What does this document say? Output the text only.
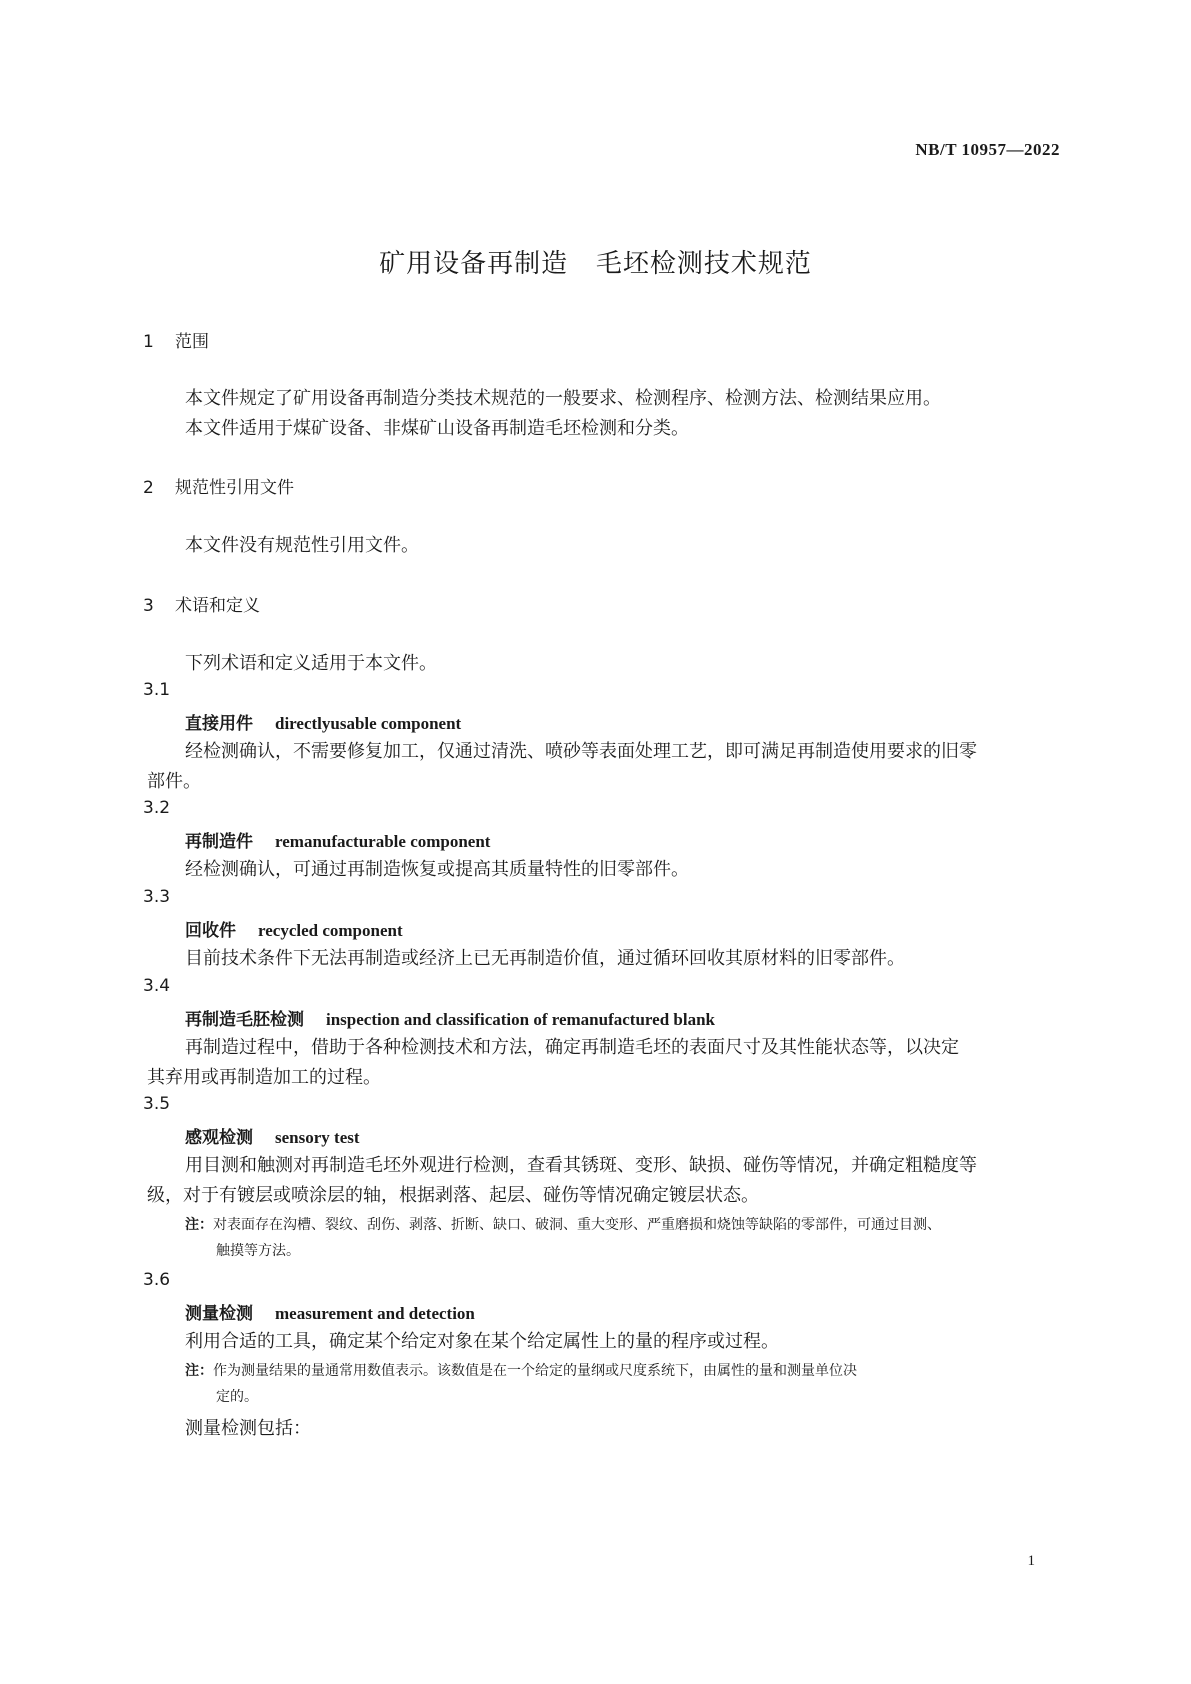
NB/T 10957—2022
矿用设备再制造   毛坯检测技术规范
1 范围
本文件规定了矿用设备再制造分类技术规范的一般要求、检测程序、检测方法、检测结果应用。
本文件适用于煤矿设备、非煤矿山设备再制造毛坯检测和分类。
2 规范性引用文件
本文件没有规范性引用文件。
3 术语和定义
下列术语和定义适用于本文件。
3.1
直接用件 directlyusable component
经检测确认，不需要修复加工，仅通过清洗、喷砂等表面处理工艺，即可满足再制造使用要求的旧零
部件。
3.2
再制造件 remanufacturable component
经检测确认，可通过再制造恢复或提高其质量特性的旧零部件。
3.3
回收件 recycled component
目前技术条件下无法再制造或经济上已无再制造价值，通过循环回收其原材料的旧零部件。
3.4
再制造毛胚检测 inspection and classification of remanufactured blank
再制造过程中，借助于各种检测技术和方法，确定再制造毛坯的表面尺寸及其性能状态等，以决定
其弃用或再制造加工的过程。
3.5
感观检测 sensory test
用目测和触测对再制造毛坯外观进行检测，查看其锈斑、变形、缺损、碰伤等情况，并确定粗糙度等
级，对于有镀层或喷涂层的轴，根据剥落、起层、碰伤等情况确定镀层状态。
注：对表面存在沟槽、裂纹、刮伤、剥落、折断、缺口、破洞、重大变形、严重磨损和烧蚀等缺陷的零部件，可通过目测、
触摸等方法。
3.6
测量检测 measurement and detection
利用合适的工具，确定某个给定对象在某个给定属性上的量的程序或过程。
注：作为测量结果的量通常用数值表示。该数值是在一个给定的量纲或尺度系统下，由属性的量和测量单位决
定的。
测量检测包括：
1
